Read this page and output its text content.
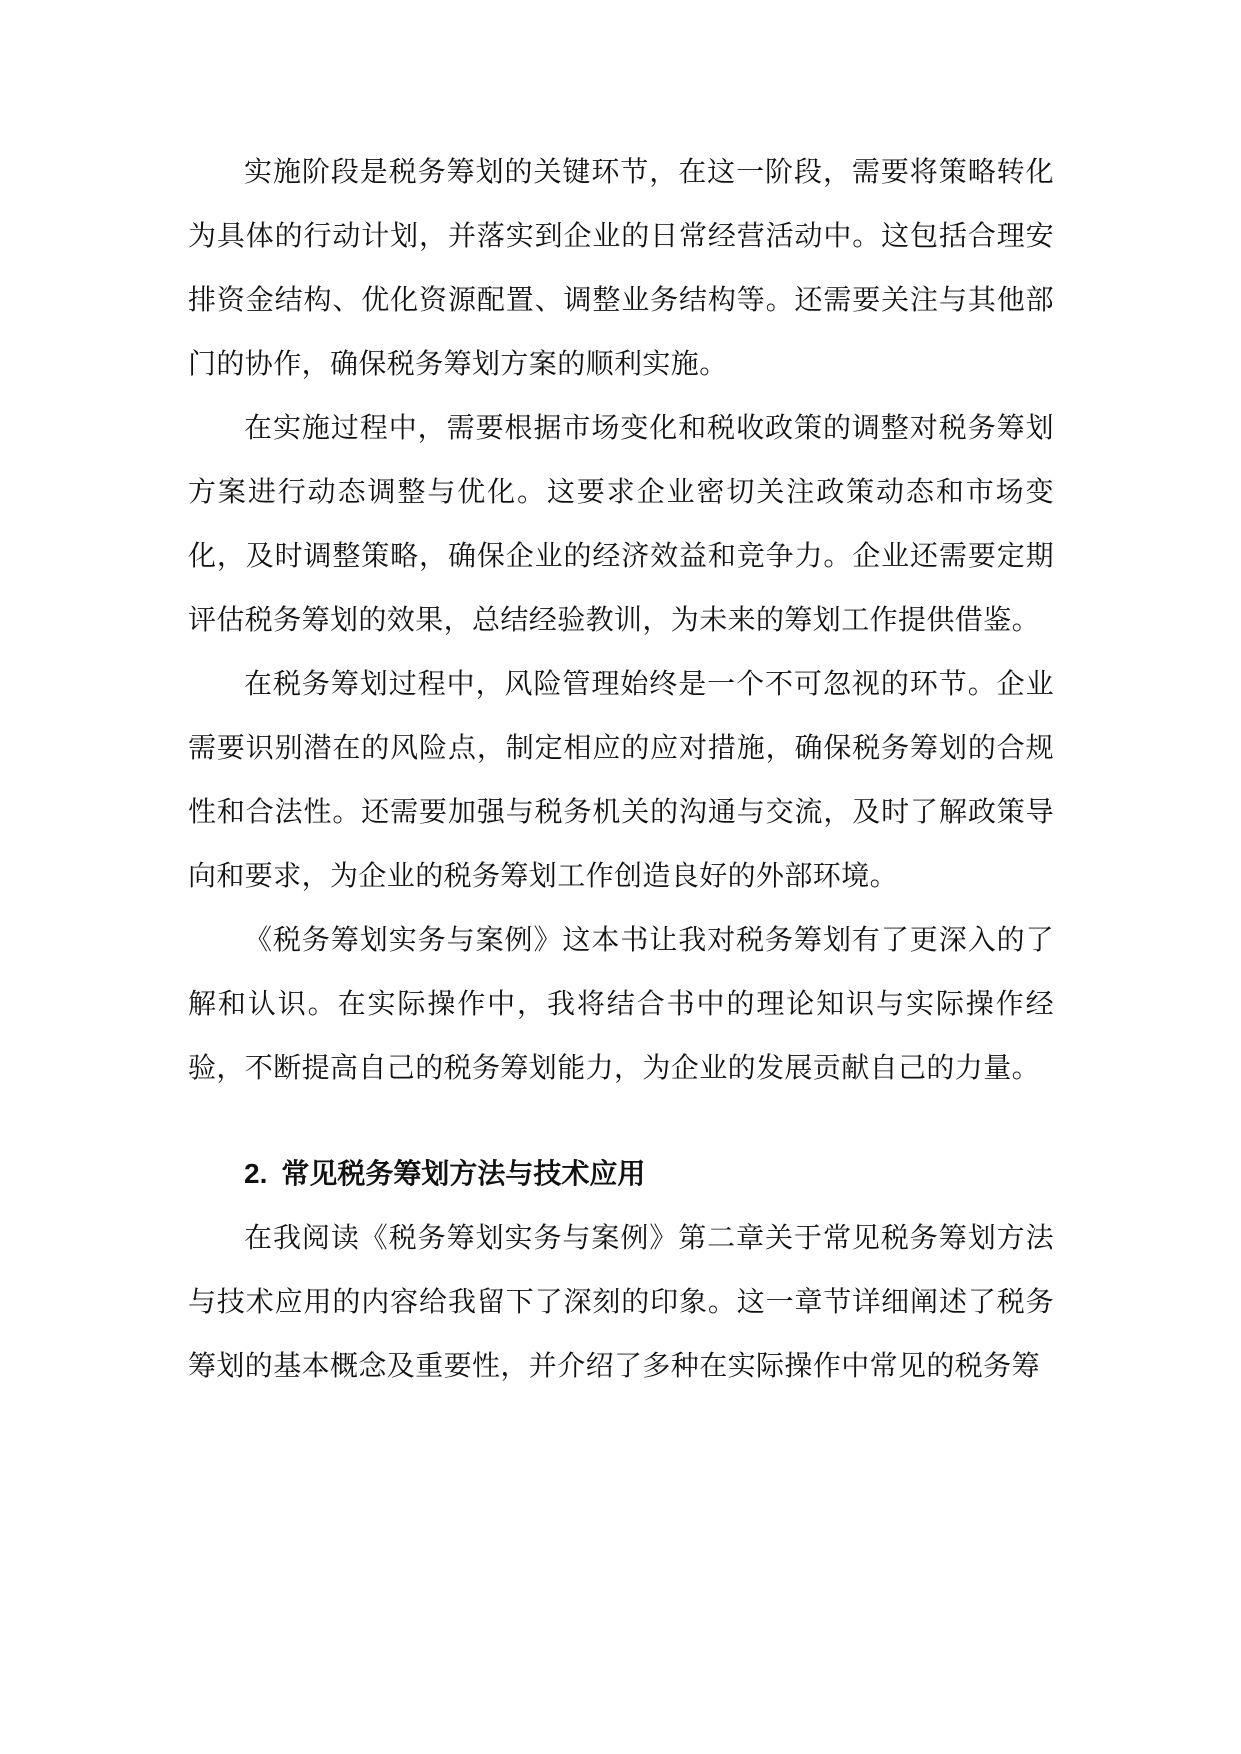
实施阶段是税务筹划的关键环节，在这一阶段，需要将策略转化为具体的行动计划，并落实到企业的日常经营活动中。这包括合理安排资金结构、优化资源配置、调整业务结构等。还需要关注与其他部门的协作，确保税务筹划方案的顺利实施。

在实施过程中，需要根据市场变化和税收政策的调整对税务筹划方案进行动态调整与优化。这要求企业密切关注政策动态和市场变化，及时调整策略，确保企业的经济效益和竞争力。企业还需要定期评估税务筹划的效果，总结经验教训，为未来的筹划工作提供借鉴。

在税务筹划过程中，风险管理始终是一个不可忽视的环节。企业需要识别潜在的风险点，制定相应的应对措施，确保税务筹划的合规性和合法性。还需要加强与税务机关的沟通与交流，及时了解政策导向和要求，为企业的税务筹划工作创造良好的外部环境。

《税务筹划实务与案例》这本书让我对税务筹划有了更深入的了解和认识。在实际操作中，我将结合书中的理论知识与实际操作经验，不断提高自己的税务筹划能力，为企业的发展贡献自己的力量。

2. 常见税务筹划方法与技术应用

在我阅读《税务筹划实务与案例》第二章关于常见税务筹划方法与技术应用的内容给我留下了深刻的印象。这一章节详细阐述了税务筹划的基本概念及重要性，并介绍了多种在实际操作中常见的税务筹
